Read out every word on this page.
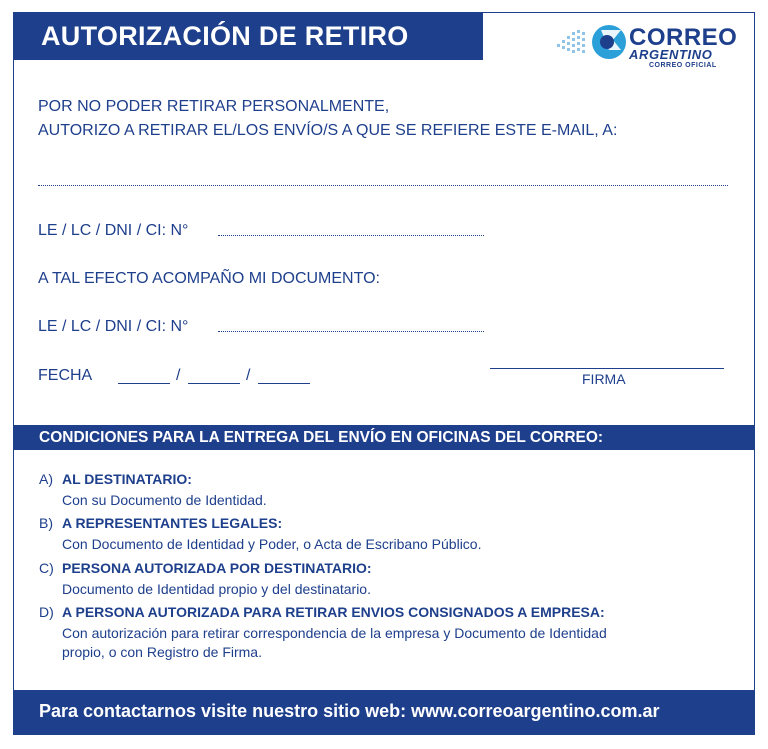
AUTORIZACIÓN DE RETIRO	CORREO
ARGENTINO
CORREO OFICIAL
POR NO PODER RETIRAR PERSONALMENTE,
AUTORIZO A RETIRAR EL/LOS ENVÍO/S A QUE SE REFIERE ESTE E-MAIL, A:
LE / LC / DNI / CI: N°
A TAL EFECTO ACOMPAÑO MI DOCUMENTO:
LE / LC / DNI / CI: N°
FECHA	/	/	FIRMA
CONDICIONES PARA LA ENTREGA DEL ENVÍO EN OFICINAS DEL CORREO:
A) AL DESTINATARIO:
Con su Documento de Identidad.
B) A REPRESENTANTES LEGALES:
Con Documento de Identidad y Poder, o Acta de Escribano Público.
C) PERSONA AUTORIZADA POR DESTINATARIO:
Documento de Identidad propio y del destinatario.
D) A PERSONA AUTORIZADA PARA RETIRAR ENVIOS CONSIGNADOS A EMPRESA:
Con autorización para retirar correspondencia de la empresa y Documento de Identidad
propio, o con Registro de Firma.
Para contactarnos visite nuestro sitio web: www.correoargentino.com.ar
